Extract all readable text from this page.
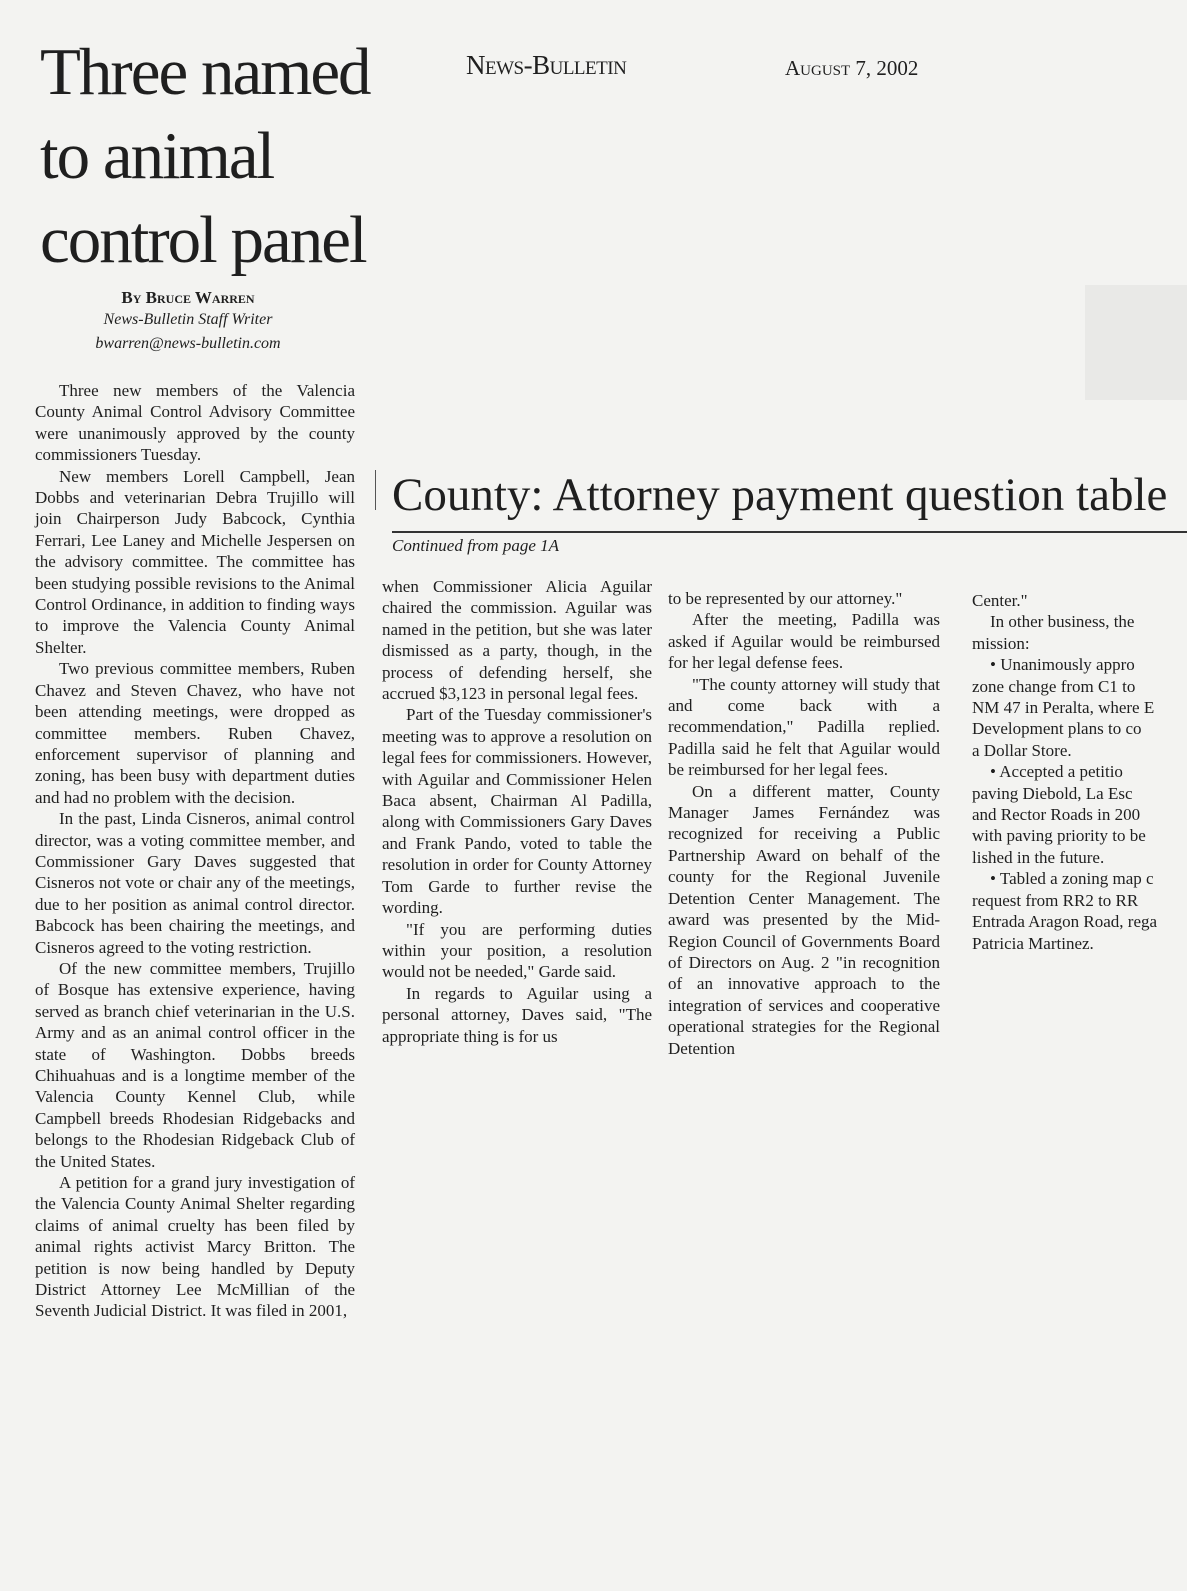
Three named to animal control panel
News-Bulletin	August 7, 2002
By Bruce Warren
News-Bulletin Staff Writer
bwarren@news-bulletin.com

Three new members of the Valencia County Animal Control Advisory Committee were unanimously approved by the county commissioners Tuesday.

New members Lorell Campbell, Jean Dobbs and veterinarian Debra Trujillo will join Chairperson Judy Babcock, Cynthia Ferrari, Lee Laney and Michelle Jespersen on the advisory committee. The committee has been studying possible revisions to the Animal Control Ordinance, in addition to finding ways to improve the Valencia County Animal Shelter.

Two previous committee members, Ruben Chavez and Steven Chavez, who have not been attending meetings, were dropped as committee members. Ruben Chavez, enforcement supervisor of planning and zoning, has been busy with department duties and had no problem with the decision.

In the past, Linda Cisneros, animal control director, was a voting committee member, and Commissioner Gary Daves suggested that Cisneros not vote or chair any of the meetings, due to her position as animal control director. Babcock has been chairing the meetings, and Cisneros agreed to the voting restriction.

Of the new committee members, Trujillo of Bosque has extensive experience, having served as branch chief veterinarian in the U.S. Army and as an animal control officer in the state of Washington. Dobbs breeds Chihuahuas and is a longtime member of the Valencia County Kennel Club, while Campbell breeds Rhodesian Ridgebacks and belongs to the Rhodesian Ridgeback Club of the United States.

A petition for a grand jury investigation of the Valencia County Animal Shelter regarding claims of animal cruelty has been filed by animal rights activist Marcy Britton. The petition is now being handled by Deputy District Attorney Lee McMillian of the Seventh Judicial District. It was filed in 2001,

County: Attorney payment question table
Continued from page 1A

when Commissioner Alicia Aguilar chaired the commission. Aguilar was named in the petition, but she was later dismissed as a party, though, in the process of defending herself, she accrued $3,123 in personal legal fees.

Part of the Tuesday commissioner's meeting was to approve a resolution on legal fees for commissioners. However, with Aguilar and Commissioner Helen Baca absent, Chairman Al Padilla, along with Commissioners Gary Daves and Frank Pando, voted to table the resolution in order for County Attorney Tom Garde to further revise the wording.

"If you are performing duties within your position, a resolution would not be needed," Garde said.

In regards to Aguilar using a personal attorney, Daves said, "The appropriate thing is for us

to be represented by our attorney."

After the meeting, Padilla was asked if Aguilar would be reimbursed for her legal defense fees.

"The county attorney will study that and come back with a recommendation," Padilla replied. Padilla said he felt that Aguilar would be reimbursed for her legal fees.

On a different matter, County Manager James Fernández was recognized for receiving a Public Partnership Award on behalf of the county for the Regional Juvenile Detention Center Management. The award was presented by the Mid-Region Council of Governments Board of Directors on Aug. 2 "in recognition of an innovative approach to the integration of services and cooperative operational strategies for the Regional Detention

Center."

In other business, the

mission:

• Unanimously appro

zone change from C1 to

NM 47 in Peralta, where E

Development plans to co

a Dollar Store.

• Accepted a petitio

paving Diebold, La Esc

and Rector Roads in 200

with paving priority to be

lished in the future.

• Tabled a zoning map c

request from RR2 to RR

Entrada Aragon Road, rega

Patricia Martinez.
